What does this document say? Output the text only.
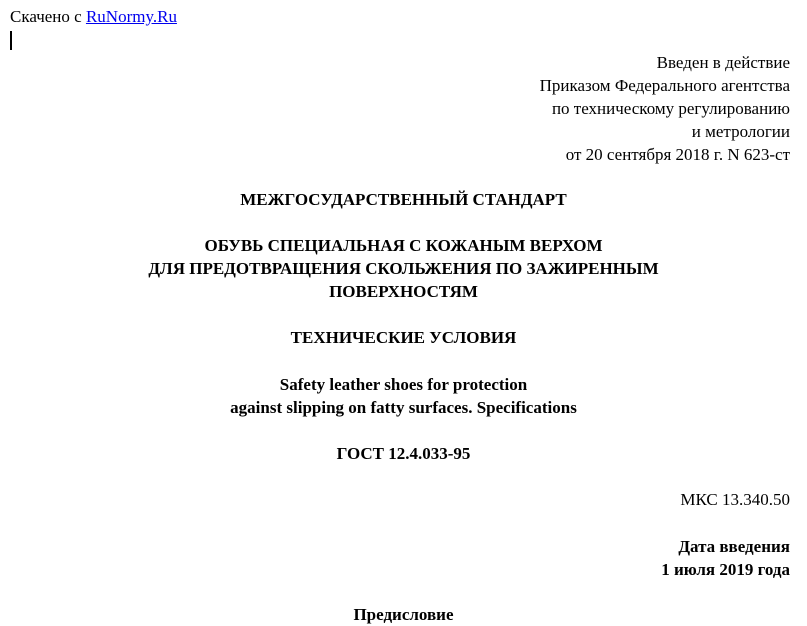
Скачено с RuNormy.Ru
Введен в действие
Приказом Федерального агентства
по техническому регулированию
и метрологии
от 20 сентября 2018 г. N 623-ст
МЕЖГОСУДАРСТВЕННЫЙ СТАНДАРТ
ОБУВЬ СПЕЦИАЛЬНАЯ С КОЖАНЫМ ВЕРХОМ
ДЛЯ ПРЕДОТВРАЩЕНИЯ СКОЛЬЖЕНИЯ ПО ЗАЖИРЕННЫМ
ПОВЕРХНОСТЯМ
ТЕХНИЧЕСКИЕ УСЛОВИЯ
Safety leather shoes for protection
against slipping on fatty surfaces. Specifications
ГОСТ 12.4.033-95
МКС 13.340.50
Дата введения
1 июля 2019 года
Предисловие
